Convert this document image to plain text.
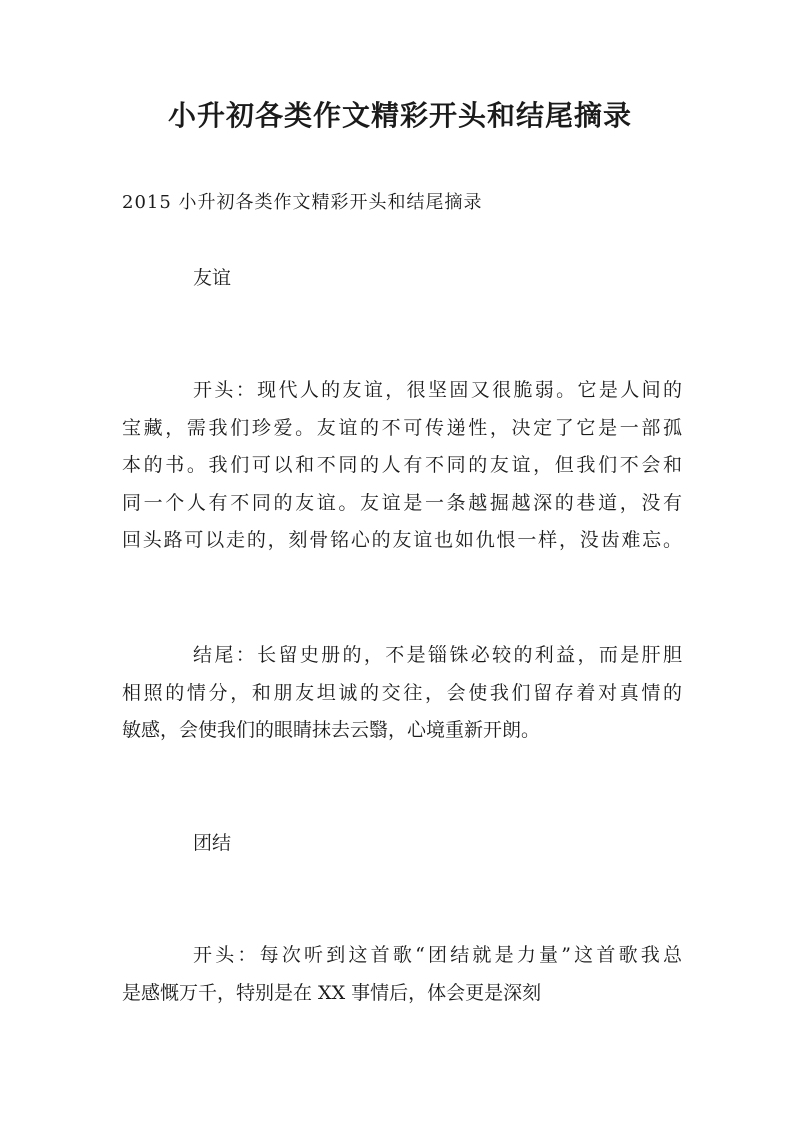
小升初各类作文精彩开头和结尾摘录

2015 小升初各类作文精彩开头和结尾摘录

友谊

开头：现代人的友谊，很坚固又很脆弱。它是人间的
宝藏，需我们珍爱。友谊的不可传递性，决定了它是一部孤
本的书。我们可以和不同的人有不同的友谊，但我们不会和
同一个人有不同的友谊。友谊是一条越掘越深的巷道，没有
回头路可以走的，刻骨铭心的友谊也如仇恨一样，没齿难忘。
结尾：长留史册的，不是锱铢必较的利益，而是肝胆
相照的情分，和朋友坦诚的交往，会使我们留存着对真情的
敏感，会使我们的眼睛抹去云翳，心境重新开朗。

团结

开头：每次听到这首歌“团结就是力量”这首歌我总
是感慨万千，特别是在 XX 事情后，体会更是深刻
